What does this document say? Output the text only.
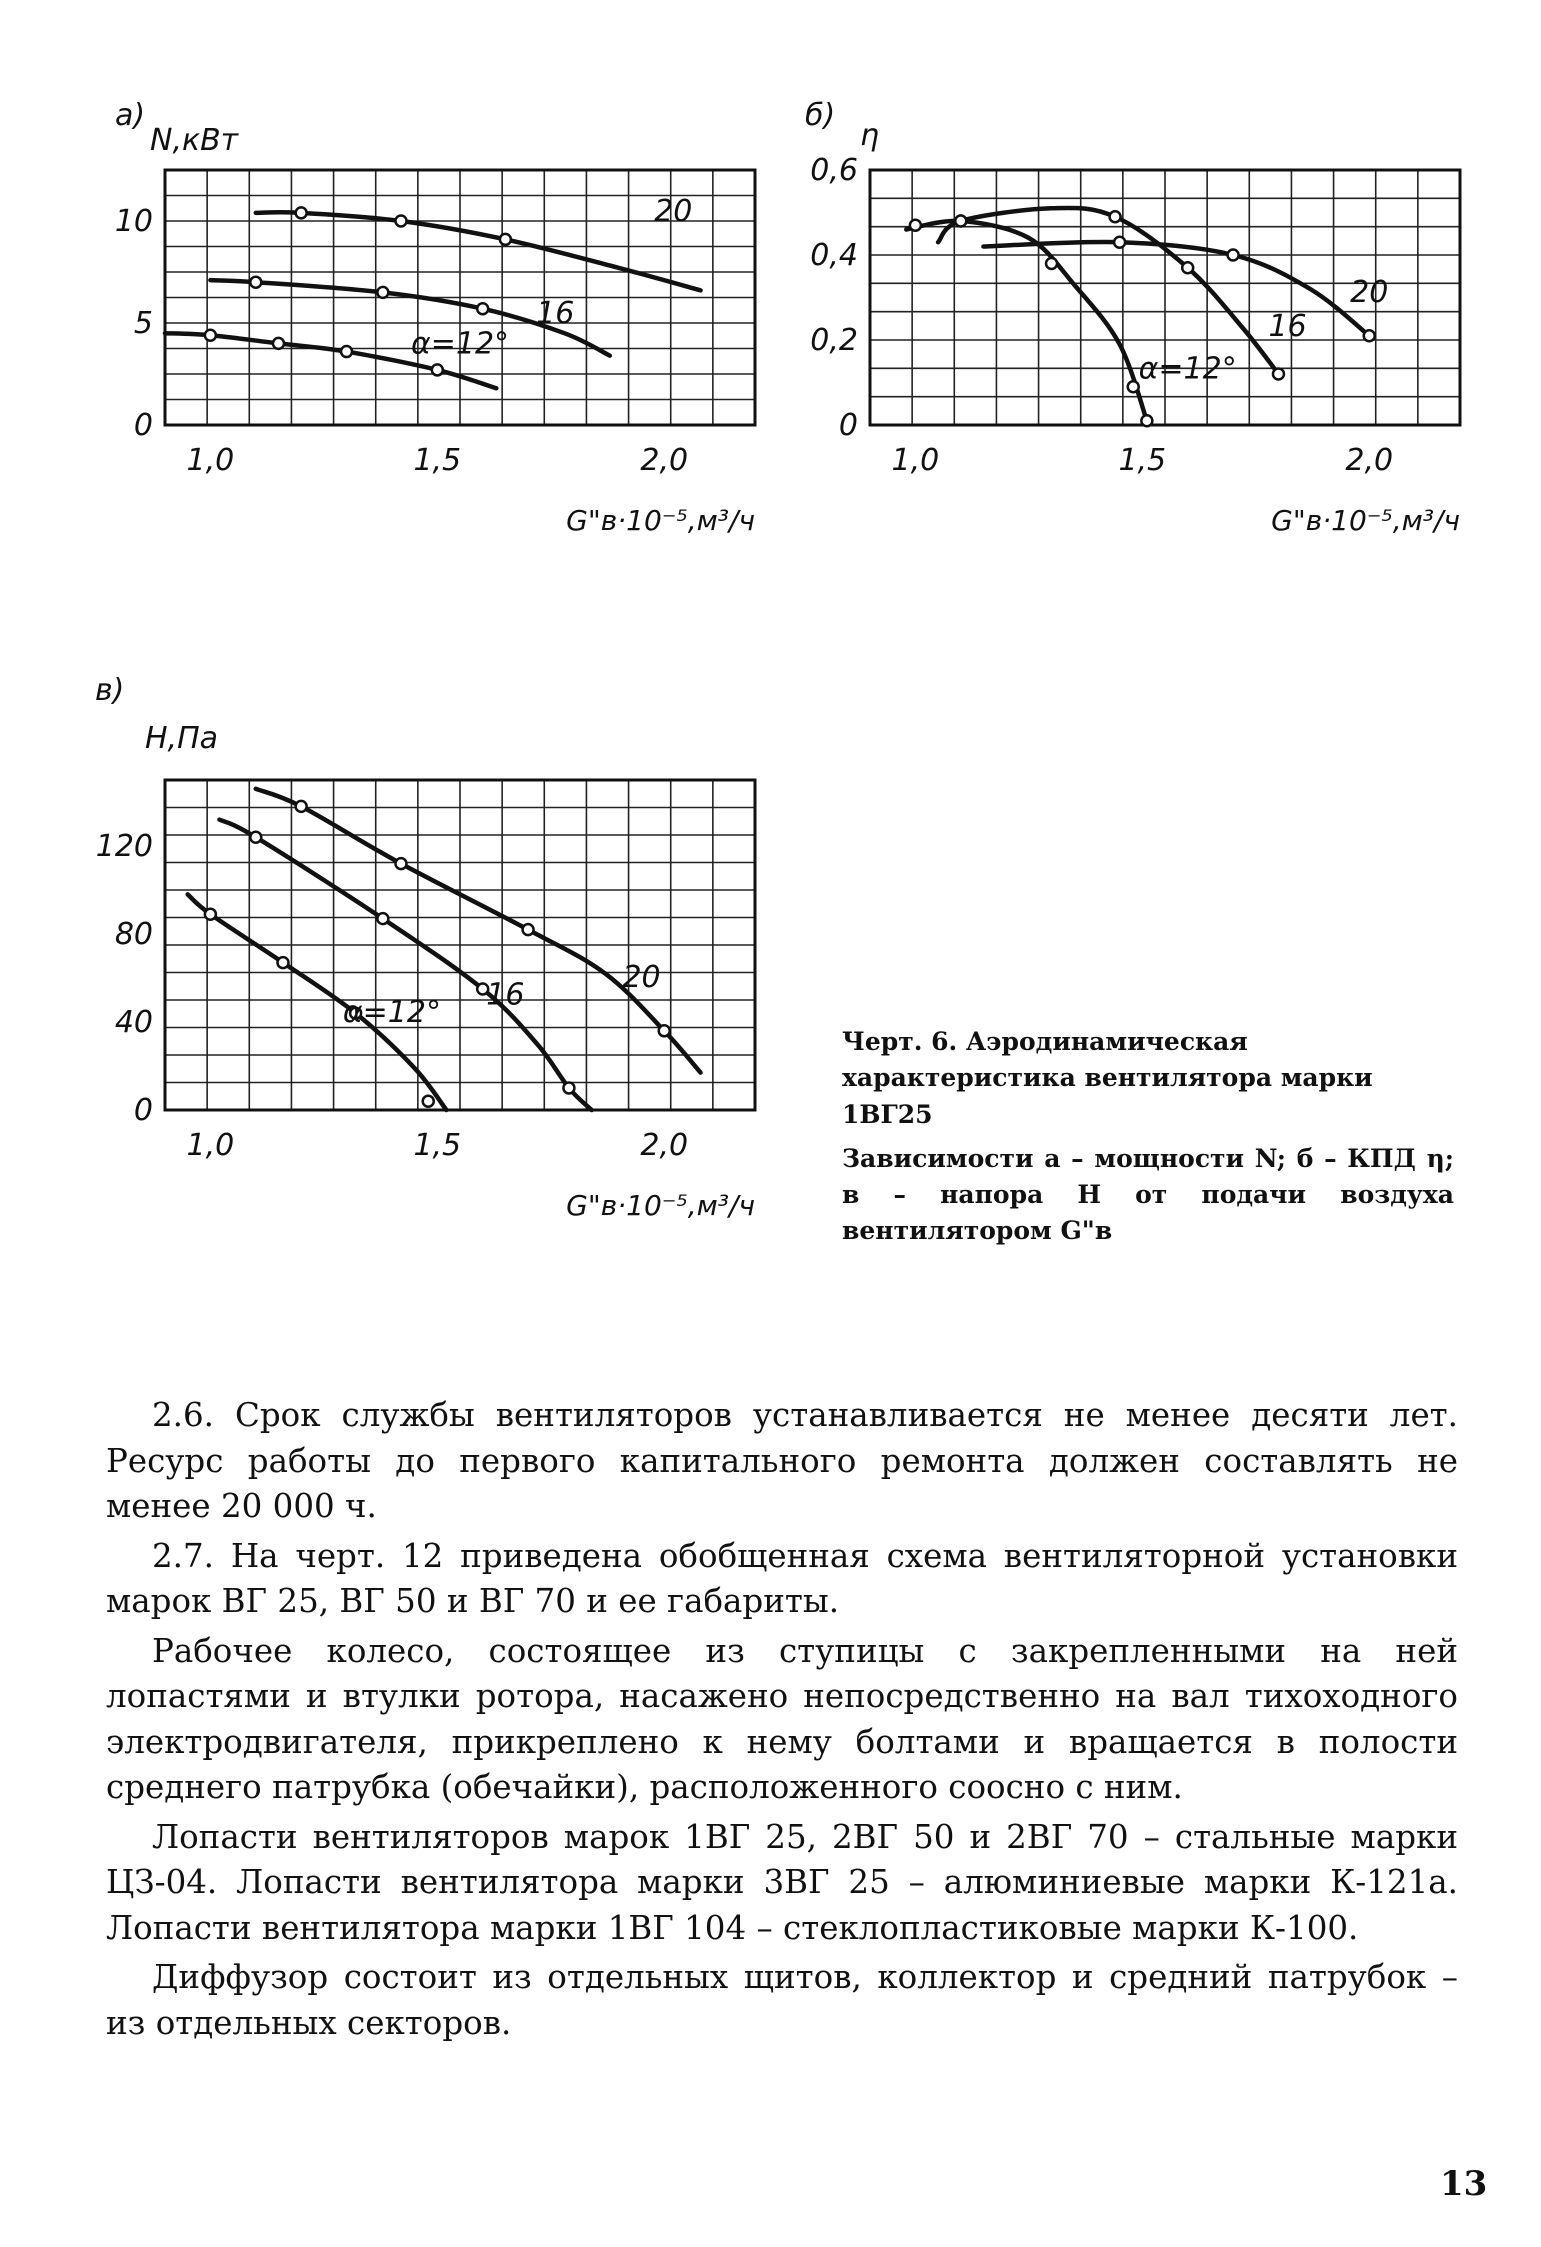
а)
N,кВт
G"в·10⁻⁵,м³/ч
1,0	1,5	2,0
0
5
10	20
16
α=12°
б)
η
G"в·10⁻⁵,м³/ч
1,0	1,5	2,0
0
0,2
0,4
0,6
20
16
α=12°
в)
Н,Па
G"в·10⁻⁵,м³/ч
1,0	1,5	2,0
0
40
80
120
20
16
α=12°

Черт. 6. Аэродинамическая характеристика вентилятора марки 1ВГ25

Зависимости а – мощности N; б – КПД η; в – напора Н от подачи воздуха вентилятором G"в

2.6. Срок службы вентиляторов устанавливается не менее десяти лет. Ресурс работы до первого капитального ремонта должен составлять не менее 20 000 ч.

2.7. На черт. 12 приведена обобщенная схема вентиляторной установки марок ВГ 25, ВГ 50 и ВГ 70 и ее габариты.

Рабочее колесо, состоящее из ступицы с закрепленными на ней лопастями и втулки ротора, насажено непосредственно на вал тихоходного электродвигателя, прикреплено к нему болтами и вращается в полости среднего патрубка (обечайки), расположенного соосно с ним.

Лопасти вентиляторов марок 1ВГ 25, 2ВГ 50 и 2ВГ 70 – стальные марки ЦЗ-04. Лопасти вентилятора марки 3ВГ 25 – алюминиевые марки К-121а. Лопасти вентилятора марки 1ВГ 104 – стеклопластиковые марки К-100.

Диффузор состоит из отдельных щитов, коллектор и средний патрубок – из отдельных секторов.

13
